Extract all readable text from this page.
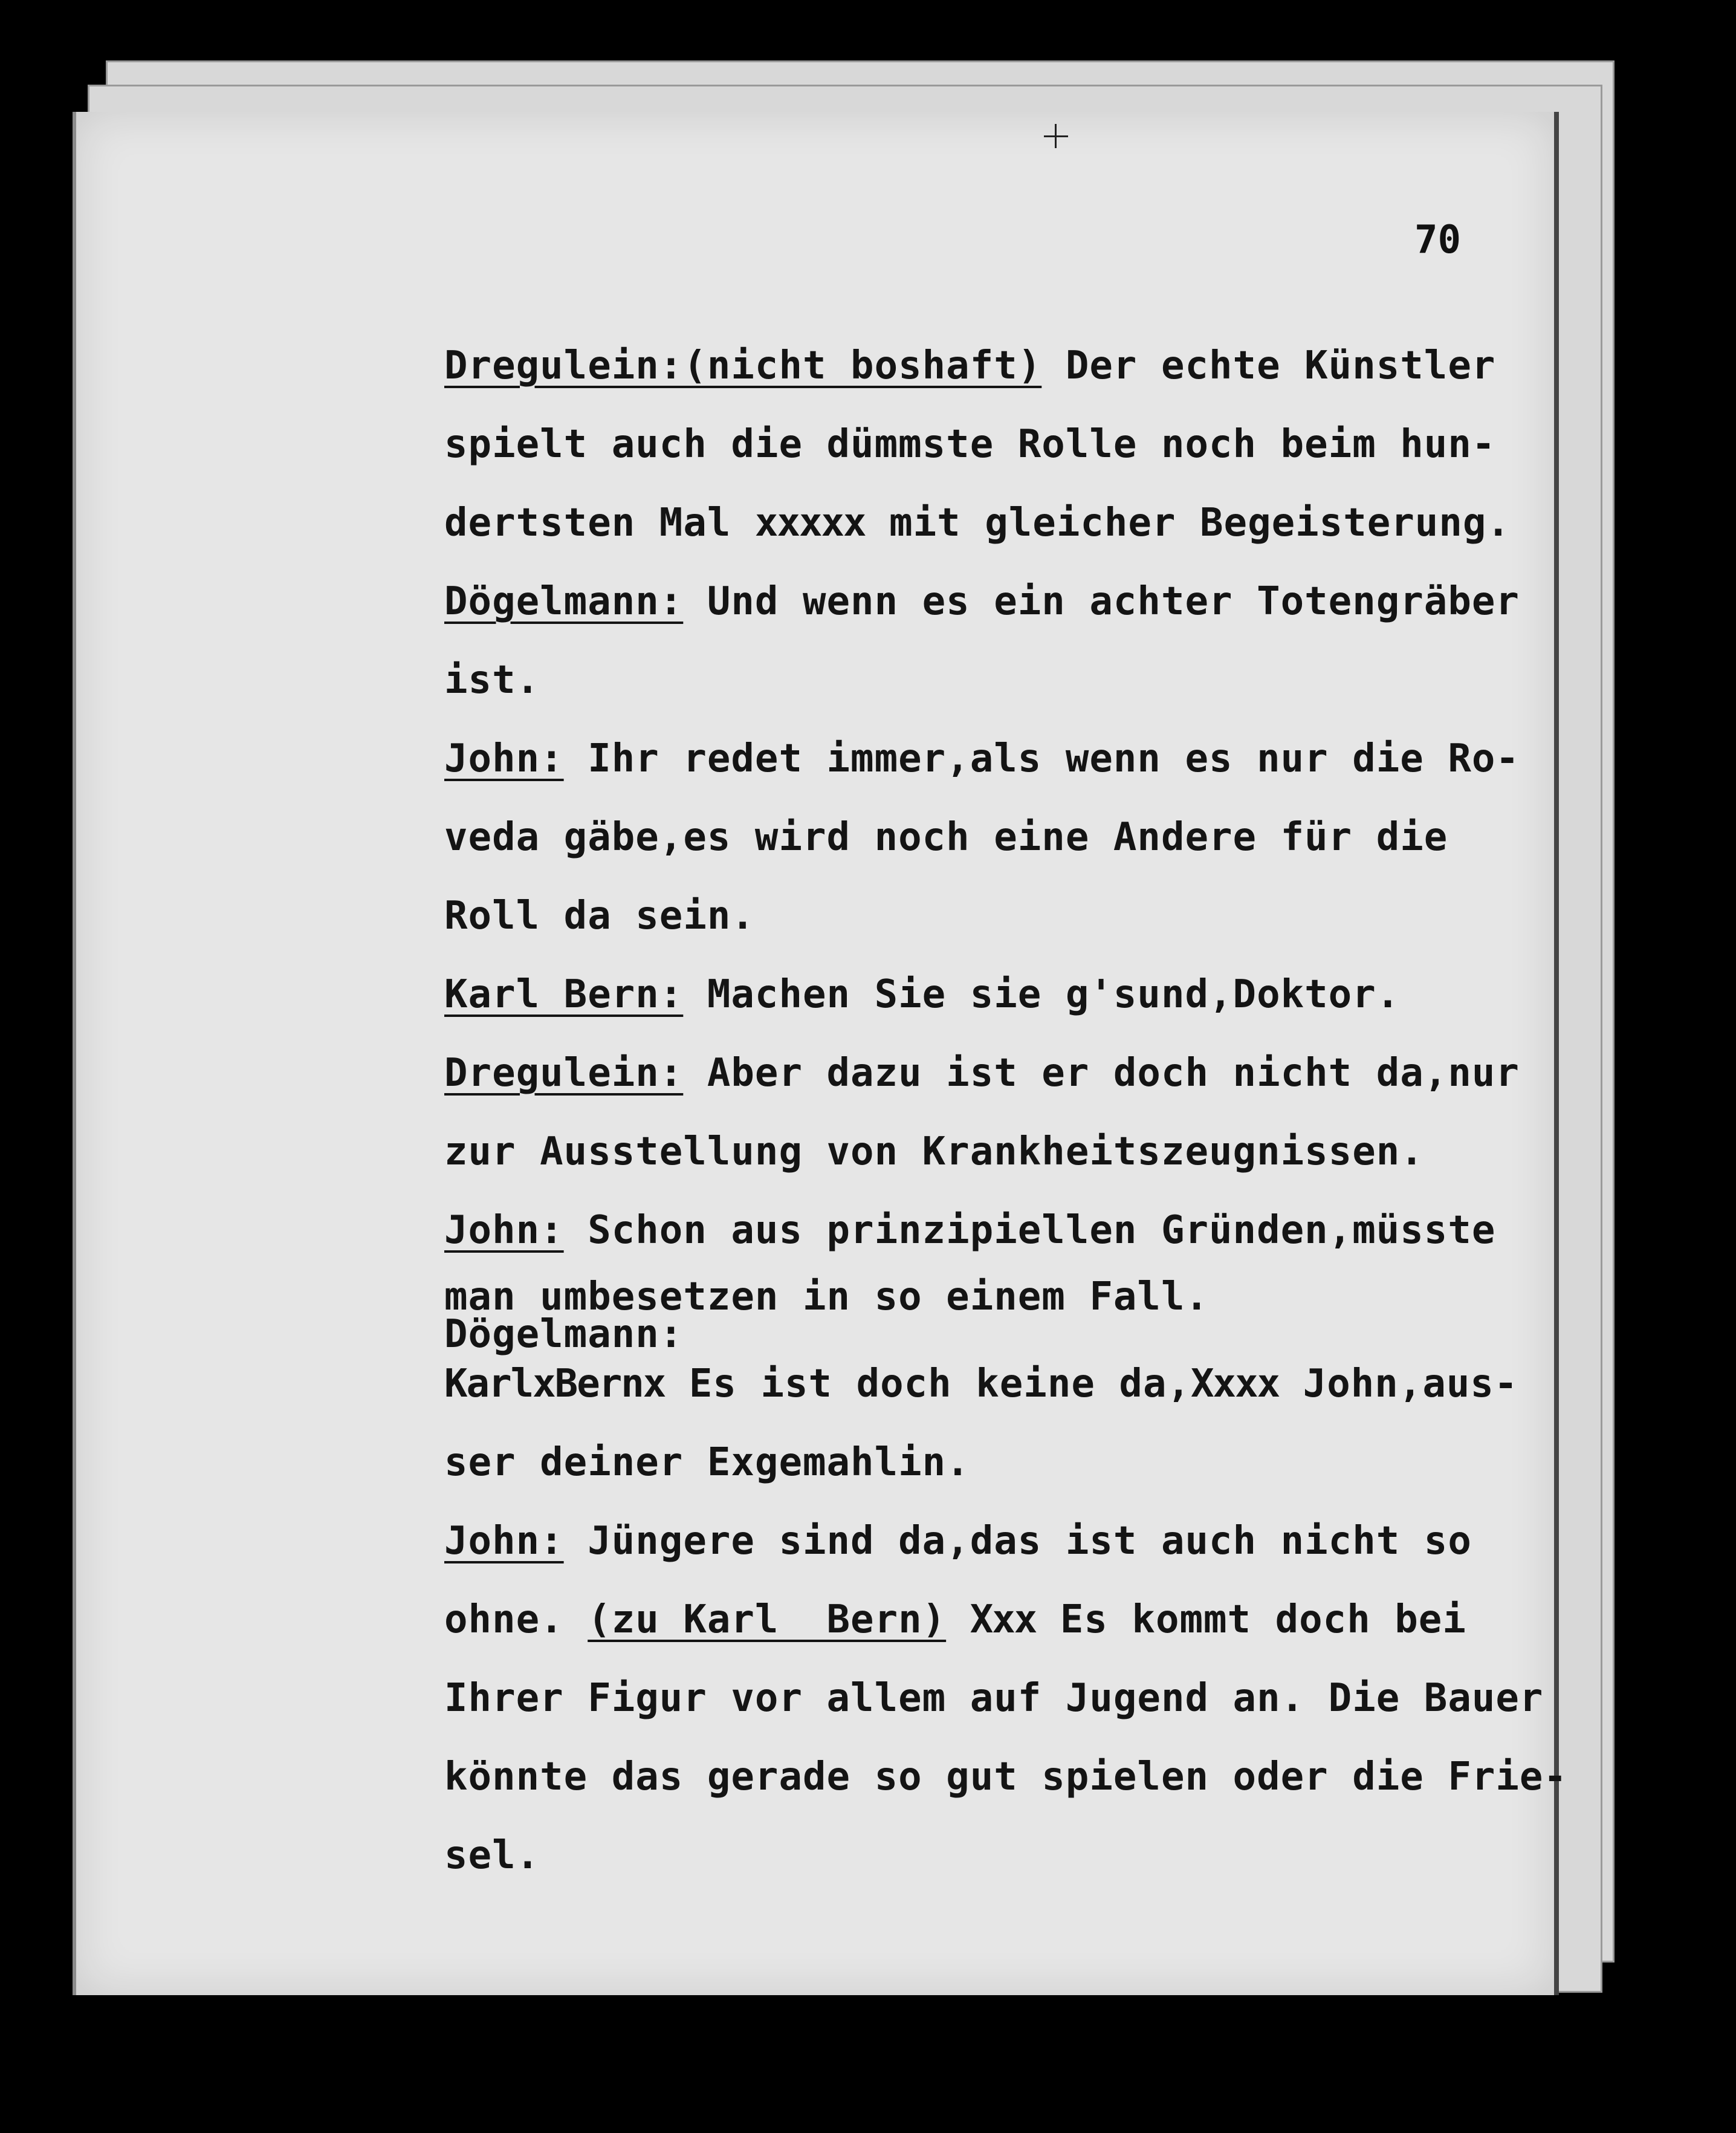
70
Dregulein:(nicht boshaft) Der echte Künstler
spielt auch die dümmste Rolle noch beim hun-
dertsten Mal xxxxx mit gleicher Begeisterung.
Dögelmann: Und wenn es ein achter Totengräber
ist.
John: Ihr redet immer,als wenn es nur die Ro-
veda gäbe,es wird noch eine Andere für die
Roll da sein.
Karl Bern: Machen Sie sie g'sund,Doktor.
Dregulein: Aber dazu ist er doch nicht da,nur
zur Ausstellung von Krankheitszeugnissen.
John: Schon aus prinzipiellen Gründen,müsste
man umbesetzen in so einem Fall.
Dögelmann:
KarlxBernx Es ist doch keine da,Xxxx John,aus-
ser deiner Exgemahlin.
John: Jüngere sind da,das ist auch nicht so
ohne. (zu Karl  Bern) Xxx Es kommt doch bei
Ihrer Figur vor allem auf Jugend an. Die Bauer
könnte das gerade so gut spielen oder die Frie-
sel.
